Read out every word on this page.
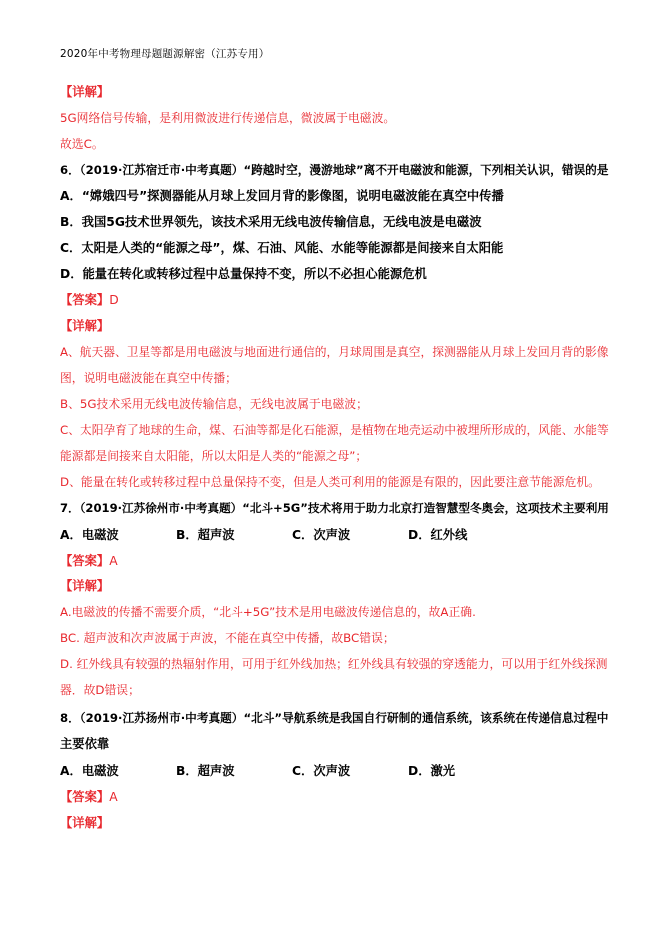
2020年中考物理母题题源解密（江苏专用）
【详解】
5G网络信号传输，是利用微波进行传递信息，微波属于电磁波。
故选C。
6．（2019·江苏宿迁市·中考真题）“跨越时空，漫游地球”离不开电磁波和能源，下列相关认识，错误的是
A．“嫦娥四号”探测器能从月球上发回月背的影像图，说明电磁波能在真空中传播
B．我国5G技术世界领先，该技术采用无线电波传输信息，无线电波是电磁波
C．太阳是人类的“能源之母”，煤、石油、风能、水能等能源都是间接来自太阳能
D．能量在转化或转移过程中总量保持不变，所以不必担心能源危机
【答案】D
【详解】
A、航天器、卫星等都是用电磁波与地面进行通信的，月球周围是真空，探测器能从月球上发回月背的影像
图，说明电磁波能在真空中传播；
B、5G技术采用无线电波传输信息，无线电波属于电磁波；
C、太阳孕育了地球的生命，煤、石油等都是化石能源，是植物在地壳运动中被埋所形成的，风能、水能等
能源都是间接来自太阳能，所以太阳是人类的“能源之母”；
D、能量在转化或转移过程中总量保持不变，但是人类可利用的能源是有限的，因此要注意节能源危机。
7．（2019·江苏徐州市·中考真题）“北斗+5G”技术将用于助力北京打造智慧型冬奥会，这项技术主要利用
A．电磁波	B．超声波	C．次声波	D．红外线
【答案】A
【详解】
A.电磁波的传播不需要介质，“北斗+5G”技术是用电磁波传递信息的，故A正确.
BC. 超声波和次声波属于声波，不能在真空中传播，故BC错误；
D. 红外线具有较强的热辐射作用，可用于红外线加热；红外线具有较强的穿透能力，可以用于红外线探测
器．故D错误；
8．（2019·江苏扬州市·中考真题）“北斗”导航系统是我国自行研制的通信系统，该系统在传递信息过程中
主要依靠
A．电磁波	B．超声波	C．次声波	D．激光
【答案】A
【详解】
